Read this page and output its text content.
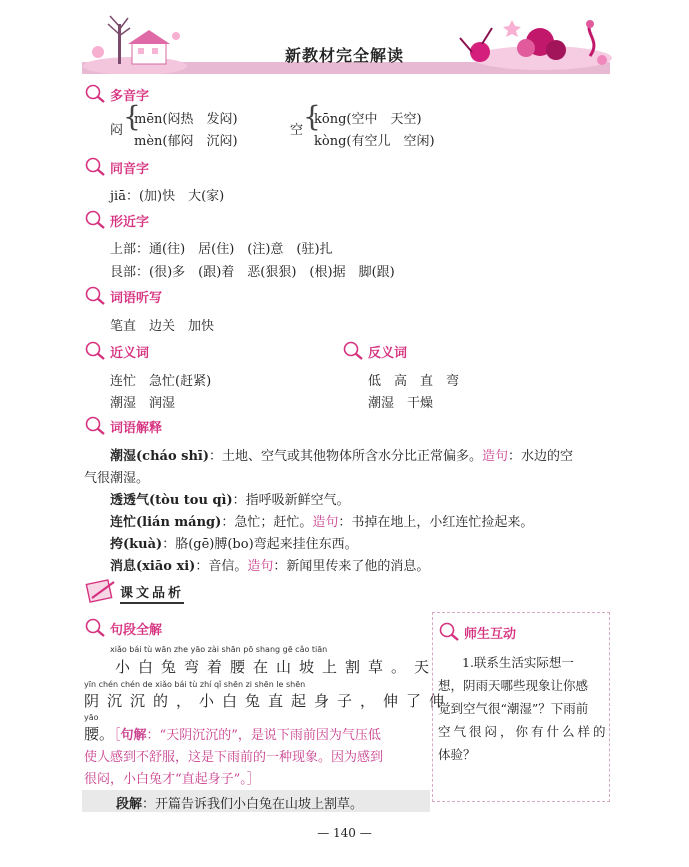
新教材完全解读
多音字
闷 {
mēn(闷热　发闷)
mèn(郁闷　沉闷)
空 {
kōng(空中　天空)
kòng(有空儿　空闲)
同音字
jiā：(加)快　大(家)
形近字
上部：通(往)　居(住)　(注)意　(驻)扎
艮部：(很)多　(跟)着　恶(狠狠)　(根)据　脚(跟)
词语听写
笔直　边关　加快
近义词	反义词
连忙　急忙(赶紧)
潮湿　润湿
低　高　直　弯
潮湿　干燥
词语解释
潮湿(cháo shī)：土地、空气或其他物体所含水分比正常偏多。造句：水边的空
气很潮湿。
透透气(tòu tou qì)：指呼吸新鲜空气。
连忙(lián máng)：急忙；赶忙。造句：书掉在地上，小红连忙捡起来。
挎(kuà)：胳(gē)膊(bo)弯起来挂住东西。
消息(xiāo xi)：音信。造句：新闻里传来了他的消息。
课文品析
句段全解
xiǎo bái tù wān zhe yāo zài shān pō shang gē cǎo tiān
小白兔弯着腰在山坡上割草。天
yīn chén chén de xiǎo bái tù zhí qǐ shēn zi shēn le shēn
阴沉沉的，小白兔直起身子，伸了伸
yāo
腰。［句解：“天阴沉沉的”，是说下雨前因为气压低
使人感到不舒服，这是下雨前的一种现象。因为感到
很闷，小白兔才“直起身子”。］
段解：开篇告诉我们小白兔在山坡上割草。
师生互动
1.联系生活实际想一
想，阴雨天哪些现象让你感
觉到空气很“潮湿”？下雨前
空气很闷，你有什么样的
体验？
— 140 —
